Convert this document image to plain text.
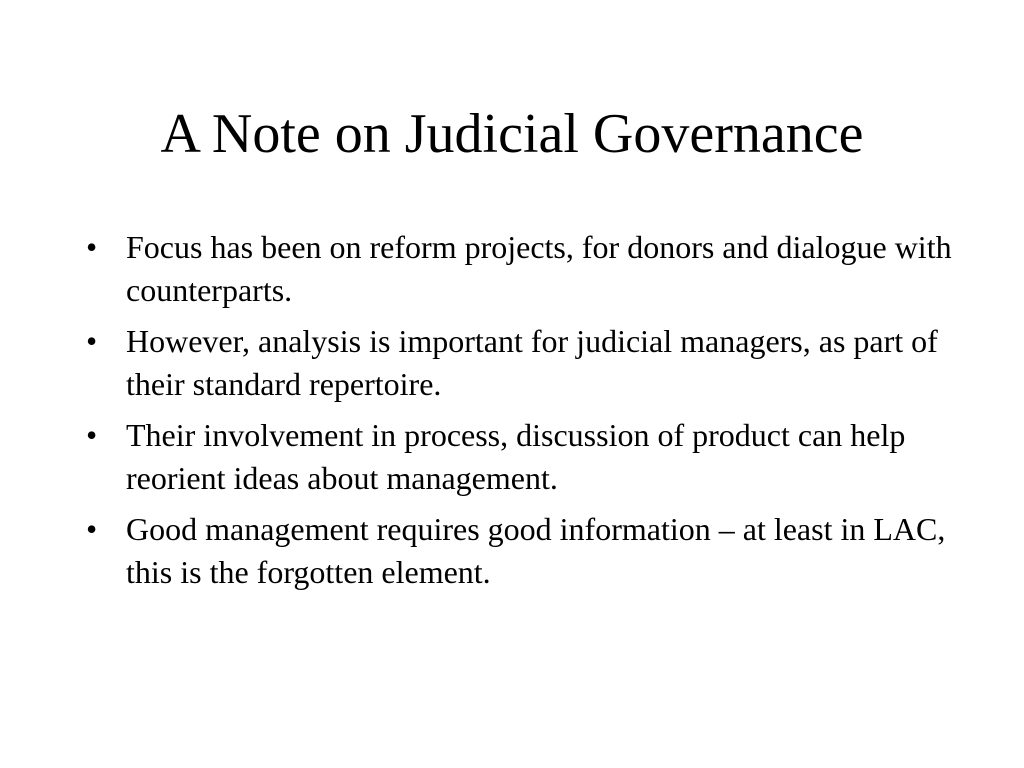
A Note on Judicial Governance
• Focus has been on reform projects, for donors and dialogue with counterparts.
• However, analysis is important for judicial managers, as part of their standard repertoire.
• Their involvement in process, discussion of product can help reorient ideas about management.
• Good management requires good information – at least in LAC, this is the forgotten element.
